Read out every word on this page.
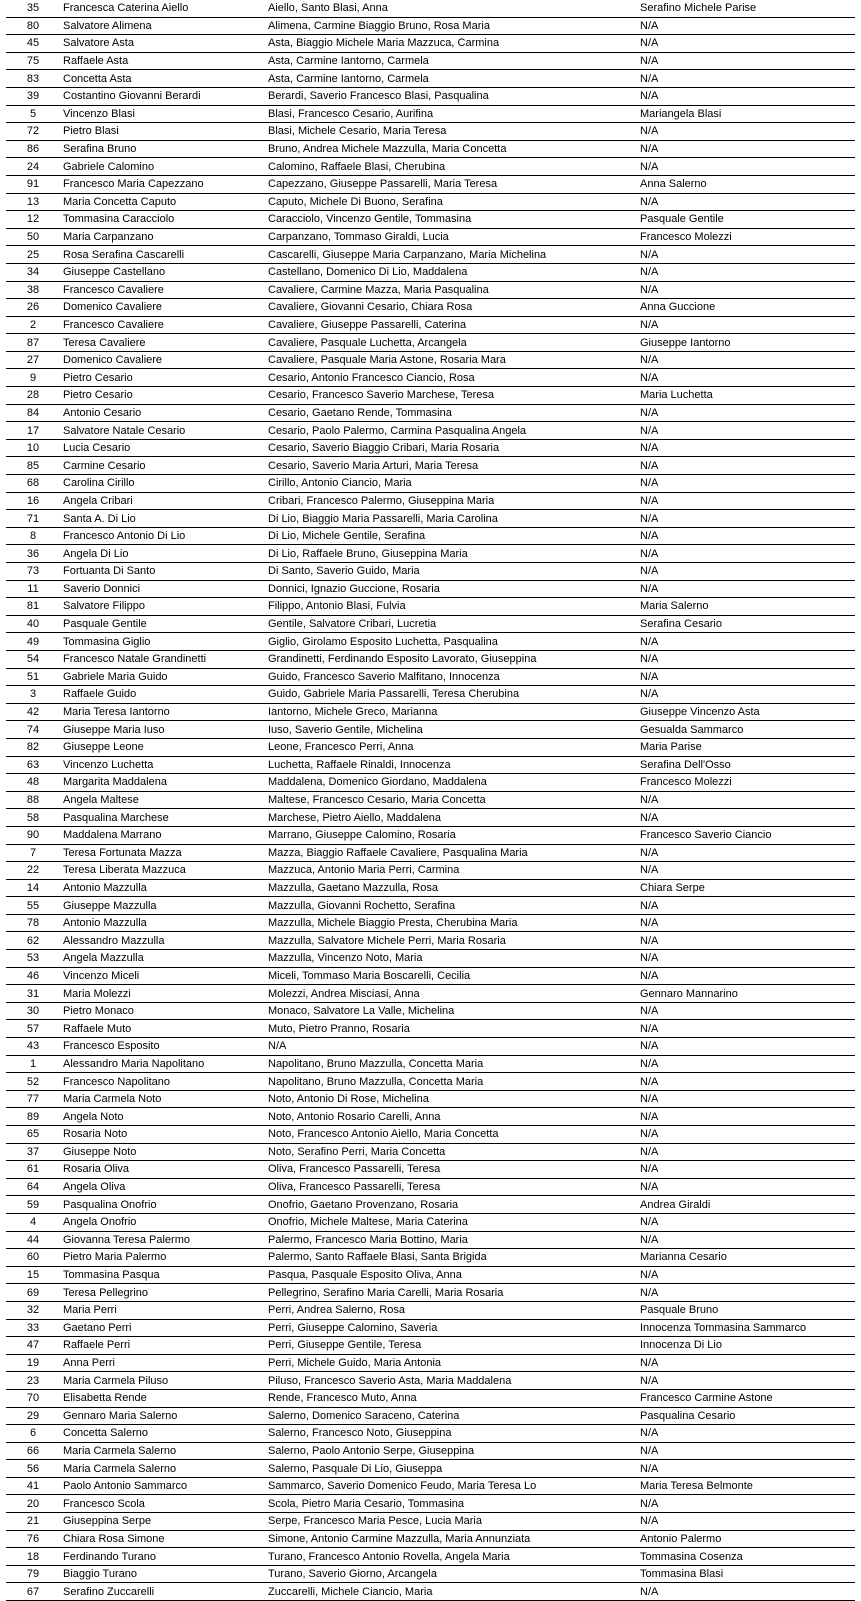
35	Francesca Caterina Aiello	Aiello, Santo Blasi, Anna	Serafino Michele Parise
80	Salvatore Alimena	Alimena, Carmine Biaggio Bruno, Rosa Maria	N/A
45	Salvatore Asta	Asta, Biaggio Michele Maria Mazzuca, Carmina	N/A
75	Raffaele Asta	Asta, Carmine Iantorno, Carmela	N/A
83	Concetta Asta	Asta, Carmine Iantorno, Carmela	N/A
39	Costantino Giovanni Berardi	Berardi, Saverio Francesco Blasi, Pasqualina	N/A
5	Vincenzo Blasi	Blasi, Francesco Cesario, Aurifina	Mariangela Blasi
72	Pietro Blasi	Blasi, Michele Cesario, Maria Teresa	N/A
86	Serafina Bruno	Bruno, Andrea Michele Mazzulla, Maria Concetta	N/A
24	Gabriele Calomino	Calomino, Raffaele Blasi, Cherubina	N/A
91	Francesco Maria Capezzano	Capezzano, Giuseppe Passarelli, Maria Teresa	Anna Salerno
13	Maria Concetta Caputo	Caputo, Michele Di Buono, Serafina	N/A
12	Tommasina Caracciolo	Caracciolo, Vincenzo Gentile, Tommasina	Pasquale Gentile
50	Maria Carpanzano	Carpanzano, Tommaso Giraldi, Lucia	Francesco Molezzi
25	Rosa Serafina Cascarelli	Cascarelli, Giuseppe Maria Carpanzano, Maria Michelina	N/A
34	Giuseppe Castellano	Castellano, Domenico Di Lio, Maddalena	N/A
38	Francesco Cavaliere	Cavaliere, Carmine Mazza, Maria Pasqualina	N/A
26	Domenico Cavaliere	Cavaliere, Giovanni Cesario, Chiara Rosa	Anna Guccione
2	Francesco Cavaliere	Cavaliere, Giuseppe Passarelli, Caterina	N/A
87	Teresa Cavaliere	Cavaliere, Pasquale Luchetta, Arcangela	Giuseppe Iantorno
27	Domenico Cavaliere	Cavaliere, Pasquale Maria Astone, Rosaria Mara	N/A
9	Pietro Cesario	Cesario, Antonio Francesco Ciancio, Rosa	N/A
28	Pietro Cesario	Cesario, Francesco Saverio Marchese, Teresa	Maria Luchetta
84	Antonio Cesario	Cesario, Gaetano Rende, Tommasina	N/A
17	Salvatore Natale Cesario	Cesario, Paolo Palermo, Carmina Pasqualina Angela	N/A
10	Lucia Cesario	Cesario, Saverio Biaggio Cribari, Maria Rosaria	N/A
85	Carmine Cesario	Cesario, Saverio Maria Arturi, Maria Teresa	N/A
68	Carolina Cirillo	Cirillo, Antonio Ciancio, Maria	N/A
16	Angela Cribari	Cribari, Francesco Palermo, Giuseppina Maria	N/A
71	Santa A. Di Lio	Di Lio, Biaggio Maria Passarelli, Maria Carolina	N/A
8	Francesco Antonio Di Lio	Di Lio, Michele Gentile, Serafina	N/A
36	Angela Di Lio	Di Lio, Raffaele Bruno, Giuseppina Maria	N/A
73	Fortuanta Di Santo	Di Santo, Saverio Guido, Maria	N/A
11	Saverio Donnici	Donnici, Ignazio Guccione, Rosaria	N/A
81	Salvatore Filippo	Filippo, Antonio Blasi, Fulvia	Maria Salerno
40	Pasquale Gentile	Gentile, Salvatore Cribari, Lucretia	Serafina Cesario
49	Tommasina Giglio	Giglio, Girolamo Esposito Luchetta, Pasqualina	N/A
54	Francesco Natale Grandinetti	Grandinetti, Ferdinando Esposito Lavorato, Giuseppina	N/A
51	Gabriele Maria Guido	Guido, Francesco Saverio Malfitano, Innocenza	N/A
3	Raffaele Guido	Guido, Gabriele Maria Passarelli, Teresa Cherubina	N/A
42	Maria Teresa Iantorno	Iantorno, Michele Greco, Marianna	Giuseppe Vincenzo Asta
74	Giuseppe Maria Iuso	Iuso, Saverio Gentile, Michelina	Gesualda Sammarco
82	Giuseppe Leone	Leone, Francesco Perri, Anna	Maria Parise
63	Vincenzo Luchetta	Luchetta, Raffaele Rinaldi, Innocenza	Serafina Dell'Osso
48	Margarita Maddalena	Maddalena, Domenico Giordano, Maddalena	Francesco Molezzi
88	Angela Maltese	Maltese, Francesco Cesario, Maria Concetta	N/A
58	Pasqualina Marchese	Marchese, Pietro Aiello, Maddalena	N/A
90	Maddalena Marrano	Marrano, Giuseppe Calomino, Rosaria	Francesco Saverio Ciancio
7	Teresa Fortunata Mazza	Mazza, Biaggio Raffaele Cavaliere, Pasqualina Maria	N/A
22	Teresa Liberata Mazzuca	Mazzuca, Antonio Maria Perri, Carmina	N/A
14	Antonio Mazzulla	Mazzulla, Gaetano Mazzulla, Rosa	Chiara Serpe
55	Giuseppe Mazzulla	Mazzulla, Giovanni Rochetto, Serafina	N/A
78	Antonio Mazzulla	Mazzulla, Michele Biaggio Presta, Cherubina Maria	N/A
62	Alessandro Mazzulla	Mazzulla, Salvatore Michele Perri, Maria Rosaria	N/A
53	Angela Mazzulla	Mazzulla, Vincenzo Noto, Maria	N/A
46	Vincenzo Miceli	Miceli, Tommaso Maria Boscarelli, Cecilia	N/A
31	Maria Molezzi	Molezzi, Andrea Misciasi, Anna	Gennaro Mannarino
30	Pietro Monaco	Monaco, Salvatore La Valle, Michelina	N/A
57	Raffaele Muto	Muto, Pietro Pranno, Rosaria	N/A
43	Francesco Esposito	N/A	N/A
1	Alessandro Maria Napolitano	Napolitano, Bruno Mazzulla, Concetta Maria	N/A
52	Francesco Napolitano	Napolitano, Bruno Mazzulla, Concetta Maria	N/A
77	Maria Carmela Noto	Noto, Antonio Di Rose, Michelina	N/A
89	Angela Noto	Noto, Antonio Rosario Carelli, Anna	N/A
65	Rosaria Noto	Noto, Francesco Antonio Aiello, Maria Concetta	N/A
37	Giuseppe Noto	Noto, Serafino Perri, Maria Concetta	N/A
61	Rosaria Oliva	Oliva, Francesco Passarelli, Teresa	N/A
64	Angela Oliva	Oliva, Francesco Passarelli, Teresa	N/A
59	Pasqualina Onofrio	Onofrio, Gaetano Provenzano, Rosaria	Andrea Giraldi
4	Angela Onofrio	Onofrio, Michele Maltese, Maria Caterina	N/A
44	Giovanna Teresa Palermo	Palermo, Francesco Maria Bottino, Maria	N/A
60	Pietro Maria Palermo	Palermo, Santo Raffaele Blasi, Santa Brigida	Marianna Cesario
15	Tommasina Pasqua	Pasqua, Pasquale Esposito Oliva, Anna	N/A
69	Teresa Pellegrino	Pellegrino, Serafino Maria Carelli, Maria Rosaria	N/A
32	Maria Perri	Perri, Andrea Salerno, Rosa	Pasquale Bruno
33	Gaetano Perri	Perri, Giuseppe Calomino, Saveria	Innocenza Tommasina Sammarco
47	Raffaele Perri	Perri, Giuseppe Gentile, Teresa	Innocenza Di Lio
19	Anna Perri	Perri, Michele Guido, Maria Antonia	N/A
23	Maria Carmela Piluso	Piluso, Francesco Saverio Asta, Maria Maddalena	N/A
70	Elisabetta Rende	Rende, Francesco Muto, Anna	Francesco Carmine Astone
29	Gennaro Maria Salerno	Salerno, Domenico Saraceno, Caterina	Pasqualina Cesario
6	Concetta Salerno	Salerno, Francesco Noto, Giuseppina	N/A
66	Maria Carmela Salerno	Salerno, Paolo Antonio Serpe, Giuseppina	N/A
56	Maria Carmela Salerno	Salerno, Pasquale Di Lio, Giuseppa	N/A
41	Paolo Antonio Sammarco	Sammarco, Saverio Domenico Feudo, Maria Teresa Lo	Maria Teresa Belmonte
20	Francesco Scola	Scola, Pietro Maria Cesario, Tommasina	N/A
21	Giuseppina Serpe	Serpe, Francesco Maria Pesce, Lucia Maria	N/A
76	Chiara Rosa Simone	Simone, Antonio Carmine Mazzulla, Maria Annunziata	Antonio Palermo
18	Ferdinando Turano	Turano, Francesco Antonio Rovella, Angela Maria	Tommasina Cosenza
79	Biaggio Turano	Turano, Saverio Giorno, Arcangela	Tommasina Blasi
67	Serafino Zuccarelli	Zuccarelli, Michele Ciancio, Maria	N/A
